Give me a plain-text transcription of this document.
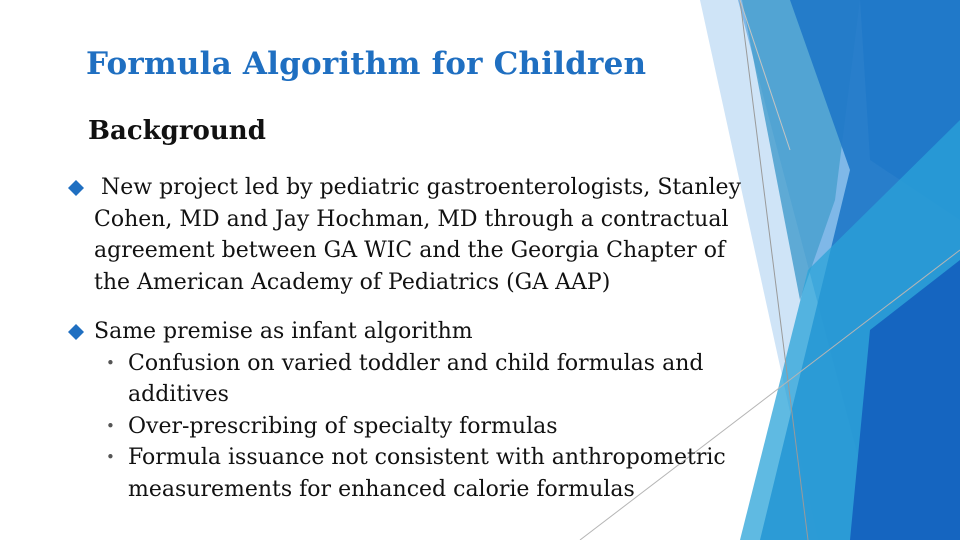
Formula Algorithm for Children
Background
New project led by pediatric gastroenterologists, Stanley Cohen, MD and Jay Hochman, MD through a contractual agreement between GA WIC and the Georgia Chapter of the American Academy of Pediatrics (GA AAP)
Same premise as infant algorithm
• Confusion on varied toddler and child formulas and additives
• Over-prescribing of specialty formulas
• Formula issuance not consistent with anthropometric measurements for enhanced calorie formulas
